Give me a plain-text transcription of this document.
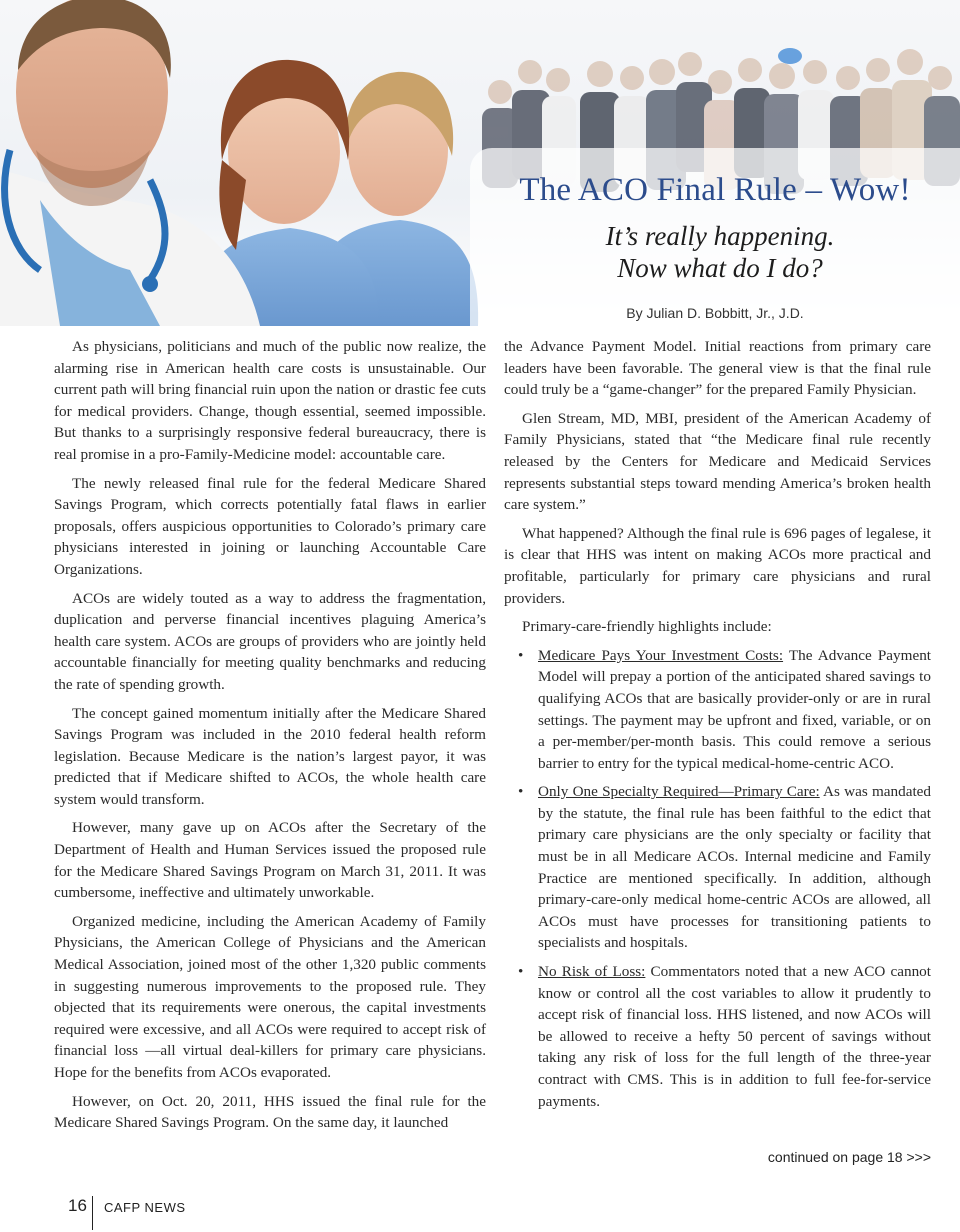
The ACO Final Rule – Wow!
It’s really happening.
Now what do I do?
By Julian D. Bobbitt, Jr., J.D.

As physicians, politicians and much of the public now realize, the alarming rise in American health care costs is unsustainable. Our current path will bring financial ruin upon the nation or drastic fee cuts for medical providers. Change, though essential, seemed impossible. But thanks to a surprisingly responsive federal bureaucracy, there is real promise in a pro-Family-Medicine model: accountable care.

The newly released final rule for the federal Medicare Shared Savings Program, which corrects potentially fatal flaws in earlier proposals, offers auspicious opportunities to Colorado’s primary care physicians interested in joining or launching Accountable Care Organizations.

ACOs are widely touted as a way to address the fragmentation, duplication and perverse financial incentives plaguing America’s health care system. ACOs are groups of providers who are jointly held accountable financially for meeting quality benchmarks and reducing the rate of spending growth.

The concept gained momentum initially after the Medicare Shared Savings Program was included in the 2010 federal health reform legislation. Because Medicare is the nation’s largest payor, it was predicted that if Medicare shifted to ACOs, the whole health care system would transform.

However, many gave up on ACOs after the Secretary of the Department of Health and Human Services issued the proposed rule for the Medicare Shared Savings Program on March 31, 2011. It was cumbersome, ineffective and ultimately unworkable.

Organized medicine, including the American Academy of Family Physicians, the American College of Physicians and the American Medical Association, joined most of the other 1,320 public comments in suggesting numerous improvements to the proposed rule. They objected that its requirements were onerous, the capital investments required were excessive, and all ACOs were required to accept risk of financial loss —all virtual deal-killers for primary care physicians. Hope for the benefits from ACOs evaporated.

However, on Oct. 20, 2011, HHS issued the final rule for the Medicare Shared Savings Program. On the same day, it launched

the Advance Payment Model. Initial reactions from primary care leaders have been favorable. The general view is that the final rule could truly be a “game-changer” for the prepared Family Physician.

Glen Stream, MD, MBI, president of the American Academy of Family Physicians, stated that “the Medicare final rule recently released by the Centers for Medicare and Medicaid Services represents substantial steps toward mending America’s broken health care system.”

What happened? Although the final rule is 696 pages of legalese, it is clear that HHS was intent on making ACOs more practical and profitable, particularly for primary care physicians and rural providers.

Primary-care-friendly highlights include:

• Medicare Pays Your Investment Costs: The Advance Payment Model will prepay a portion of the anticipated shared savings to qualifying ACOs that are basically provider-only or are in rural settings. The payment may be upfront and fixed, variable, or on a per-member/per-month basis. This could remove a serious barrier to entry for the typical medical-home-centric ACO.
• Only One Specialty Required—Primary Care: As was mandated by the statute, the final rule has been faithful to the edict that primary care physicians are the only specialty or facility that must be in all Medicare ACOs. Internal medicine and Family Practice are mentioned specifically. In addition, although primary-care-only medical home-centric ACOs are allowed, all ACOs must have processes for transitioning patients to specialists and hospitals.
• No Risk of Loss: Commentators noted that a new ACO cannot know or control all the cost variables to allow it prudently to accept risk of financial loss. HHS listened, and now ACOs will be allowed to receive a hefty 50 percent of savings without taking any risk of loss for the full length of the three-year contract with CMS. This is in addition to full fee-for-service payments.
continued on page 18 >>>
16 CAFP NEWS
